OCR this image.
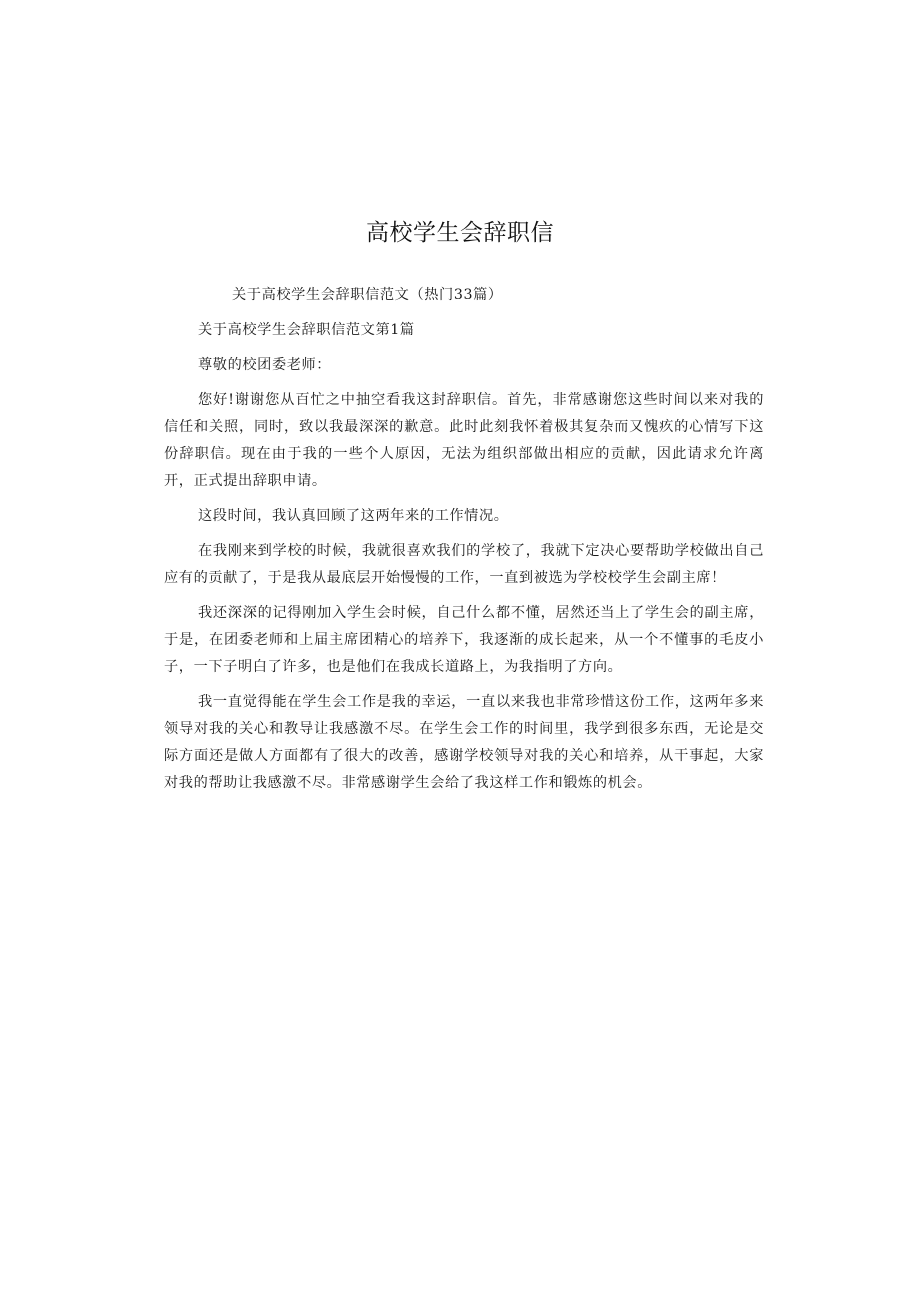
高校学生会辞职信

关于高校学生会辞职信范文（热门33篇）

关于高校学生会辞职信范文第1篇

尊敬的校团委老师：

您好!谢谢您从百忙之中抽空看我这封辞职信。首先，非常感谢您这些时间以来对我的信任和关照，同时，致以我最深深的歉意。此时此刻我怀着极其复杂而又愧疚的心情写下这份辞职信。现在由于我的一些个人原因，无法为组织部做出相应的贡献，因此请求允许离开，正式提出辞职申请。

这段时间，我认真回顾了这两年来的工作情况。

在我刚来到学校的时候，我就很喜欢我们的学校了，我就下定决心要帮助学校做出自己应有的贡献了，于是我从最底层开始慢慢的工作，一直到被选为学校校学生会副主席！

我还深深的记得刚加入学生会时候，自己什么都不懂，居然还当上了学生会的副主席，于是，在团委老师和上届主席团精心的培养下，我逐渐的成长起来，从一个不懂事的毛皮小子，一下子明白了许多，也是他们在我成长道路上，为我指明了方向。

我一直觉得能在学生会工作是我的幸运，一直以来我也非常珍惜这份工作，这两年多来领导对我的关心和教导让我感激不尽。在学生会工作的时间里，我学到很多东西，无论是交际方面还是做人方面都有了很大的改善，感谢学校领导对我的关心和培养，从干事起，大家对我的帮助让我感激不尽。非常感谢学生会给了我这样工作和锻炼的机会。
